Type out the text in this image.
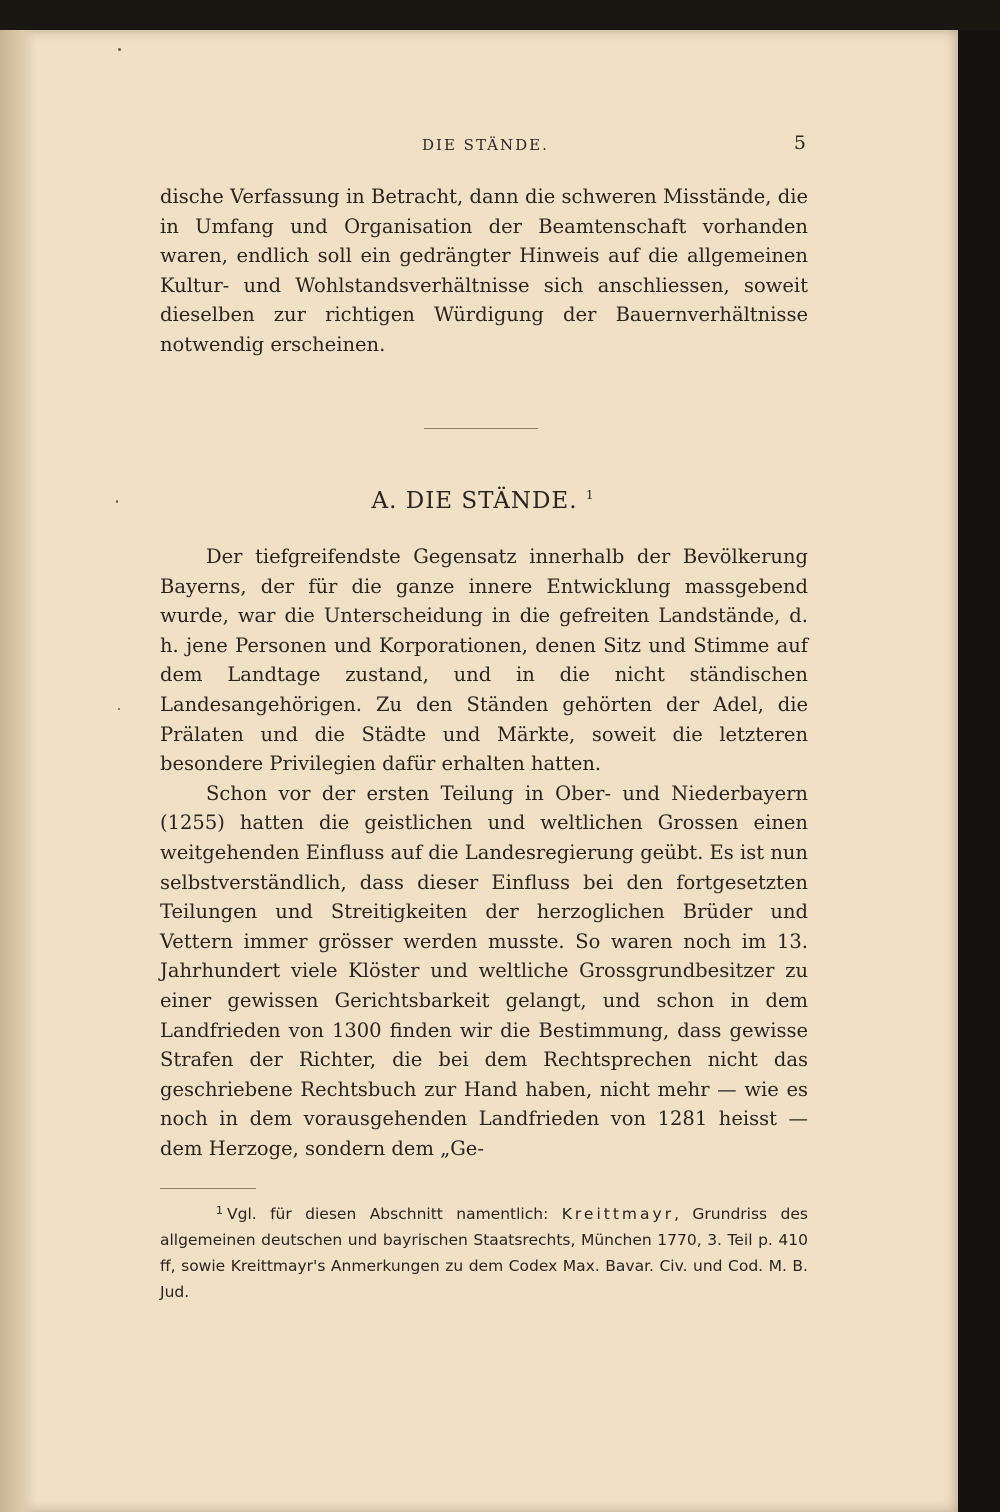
DIE STÄNDE.	5

dische Verfassung in Betracht, dann die schweren Misstände, die in Umfang und Organisation der Beamtenschaft vorhanden waren, endlich soll ein gedrängter Hinweis auf die allgemeinen Kultur- und Wohlstandsverhältnisse sich anschliessen, soweit dieselben zur richtigen Würdigung der Bauernverhältnisse notwendig erscheinen.

A. DIE STÄNDE. $^1$

Der tiefgreifendste Gegensatz innerhalb der Bevölkerung Bayerns, der für die ganze innere Entwicklung massgebend wurde, war die Unterscheidung in die gefreiten Landstände, d. h. jene Personen und Korporationen, denen Sitz und Stimme auf dem Landtage zustand, und in die nicht ständischen Landesangehörigen. Zu den Ständen gehörten der Adel, die Prälaten und die Städte und Märkte, soweit die letzteren besondere Privilegien dafür erhalten hatten.

Schon vor der ersten Teilung in Ober- und Niederbayern (1255) hatten die geistlichen und weltlichen Grossen einen weitgehenden Einfluss auf die Landesregierung geübt. Es ist nun selbstverständlich, dass dieser Einfluss bei den fortgesetzten Teilungen und Streitigkeiten der herzoglichen Brüder und Vettern immer grösser werden musste. So waren noch im 13. Jahrhundert viele Klöster und weltliche Grossgrundbesitzer zu einer gewissen Gerichtsbarkeit gelangt, und schon in dem Landfrieden von 1300 finden wir die Bestimmung, dass gewisse Strafen der Richter, die bei dem Rechtsprechen nicht das geschriebene Rechtsbuch zur Hand haben, nicht mehr — wie es noch in dem vorausgehenden Landfrieden von 1281 heisst — dem Herzoge, sondern dem „Ge-

$^1$ Vgl. für diesen Abschnitt namentlich: Kreittmayr, Grundriss des allgemeinen deutschen und bayrischen Staatsrechts, München 1770, 3. Teil p. 410 ff, sowie Kreittmayr's Anmerkungen zu dem Codex Max. Bavar. Civ. und Cod. M. B. Jud.
